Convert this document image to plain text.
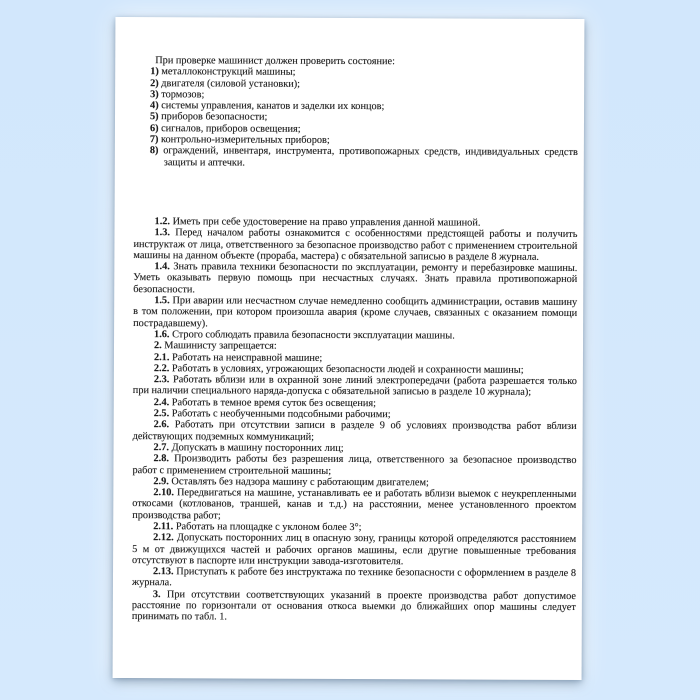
При проверке машинист должен проверить состояние:

1) металлоконструкций машины;

2) двигателя (силовой установки);

3) тормозов;

4) системы управления, канатов и заделки их концов;

5) приборов безопасности;

6) сигналов, приборов освещения;

7) контрольно-измерительных приборов;

8) ограждений, инвентаря, инструмента, противопожарных средств, индивидуальных средств защиты и аптечки.

1.2. Иметь при себе удостоверение на право управления данной машиной.

1.3. Перед началом работы ознакомится с особенностями предстоящей работы и получить инструктаж от лица, ответственного за безопасное производство работ с применением строительной машины на данном объекте (прораба, мастера) с обязательной записью в разделе 8 журнала.

1.4. Знать правила техники безопасности по эксплуатации, ремонту и перебазировке машины. Уметь оказывать первую помощь при несчастных случаях. Знать правила противопожарной безопасности.

1.5. При аварии или несчастном случае немедленно сообщить администрации, оставив машину в том положении, при котором произошла авария (кроме случаев, связанных с оказанием помощи пострадавшему).

1.6. Строго соблюдать правила безопасности эксплуатации машины.

2. Машинисту запрещается:

2.1. Работать на неисправной машине;

2.2. Работать в условиях, угрожающих безопасности людей и сохранности машины;

2.3. Работать вблизи или в охранной зоне линий электропередачи (работа разрешается только при наличии специального наряда-допуска с обязательной записью в разделе 10 журнала);

2.4. Работать в темное время суток без освещения;

2.5. Работать с необученными подсобными рабочими;

2.6. Работать при отсутствии записи в разделе 9 об условиях производства работ вблизи действующих подземных коммуникаций;

2.7. Допускать в машину посторонних лиц;

2.8. Производить работы без разрешения лица, ответственного за безопасное производство работ с применением строительной машины;

2.9. Оставлять без надзора машину с работающим двигателем;

2.10. Передвигаться на машине, устанавливать ее и работать вблизи выемок с неукрепленными откосами (котлованов, траншей, канав и т.д.) на расстоянии, менее установленного проектом производства работ;

2.11. Работать на площадке с уклоном более 3°;

2.12. Допускать посторонних лиц в опасную зону, границы которой определяются расстоянием 5 м от движущихся частей и рабочих органов машины, если другие повышенные требования отсутствуют в паспорте или инструкции завода-изготовителя.

2.13. Приступать к работе без инструктажа по технике безопасности с оформлением в разделе 8 журнала.

3. При отсутствии соответствующих указаний в проекте производства работ допустимое расстояние по горизонтали от основания откоса выемки до ближайших опор машины следует принимать по табл. 1.
